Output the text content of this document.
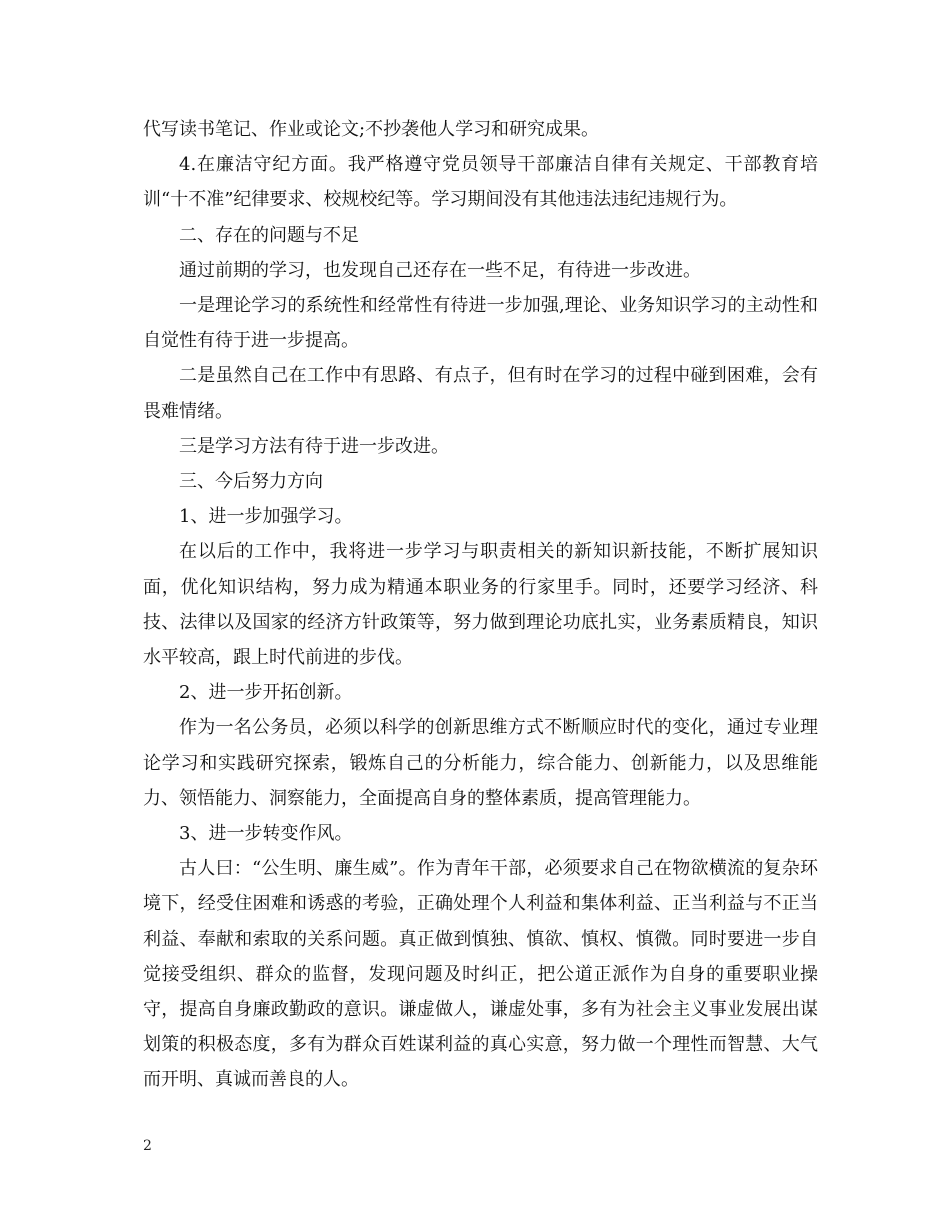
代写读书笔记、作业或论文;不抄袭他人学习和研究成果。

4.在廉洁守纪方面。我严格遵守党员领导干部廉洁自律有关规定、干部教育培训“十不准”纪律要求、校规校纪等。学习期间没有其他违法违纪违规行为。

二、存在的问题与不足

通过前期的学习，也发现自己还存在一些不足，有待进一步改进。

一是理论学习的系统性和经常性有待进一步加强,理论、业务知识学习的主动性和自觉性有待于进一步提高。

二是虽然自己在工作中有思路、有点子，但有时在学习的过程中碰到困难，会有畏难情绪。

三是学习方法有待于进一步改进。

三、今后努力方向

1、进一步加强学习。

在以后的工作中，我将进一步学习与职责相关的新知识新技能，不断扩展知识面，优化知识结构，努力成为精通本职业务的行家里手。同时，还要学习经济、科技、法律以及国家的经济方针政策等，努力做到理论功底扎实，业务素质精良，知识水平较高，跟上时代前进的步伐。

2、进一步开拓创新。

作为一名公务员，必须以科学的创新思维方式不断顺应时代的变化，通过专业理论学习和实践研究探索，锻炼自己的分析能力，综合能力、创新能力，以及思维能力、领悟能力、洞察能力，全面提高自身的整体素质，提高管理能力。

3、进一步转变作风。

古人曰：“公生明、廉生威”。作为青年干部，必须要求自己在物欲横流的复杂环境下，经受住困难和诱惑的考验，正确处理个人利益和集体利益、正当利益与不正当利益、奉献和索取的关系问题。真正做到慎独、慎欲、慎权、慎微。同时要进一步自觉接受组织、群众的监督，发现问题及时纠正，把公道正派作为自身的重要职业操守，提高自身廉政勤政的意识。谦虚做人，谦虚处事，多有为社会主义事业发展出谋划策的积极态度，多有为群众百姓谋利益的真心实意，努力做一个理性而智慧、大气而开明、真诚而善良的人。

2
